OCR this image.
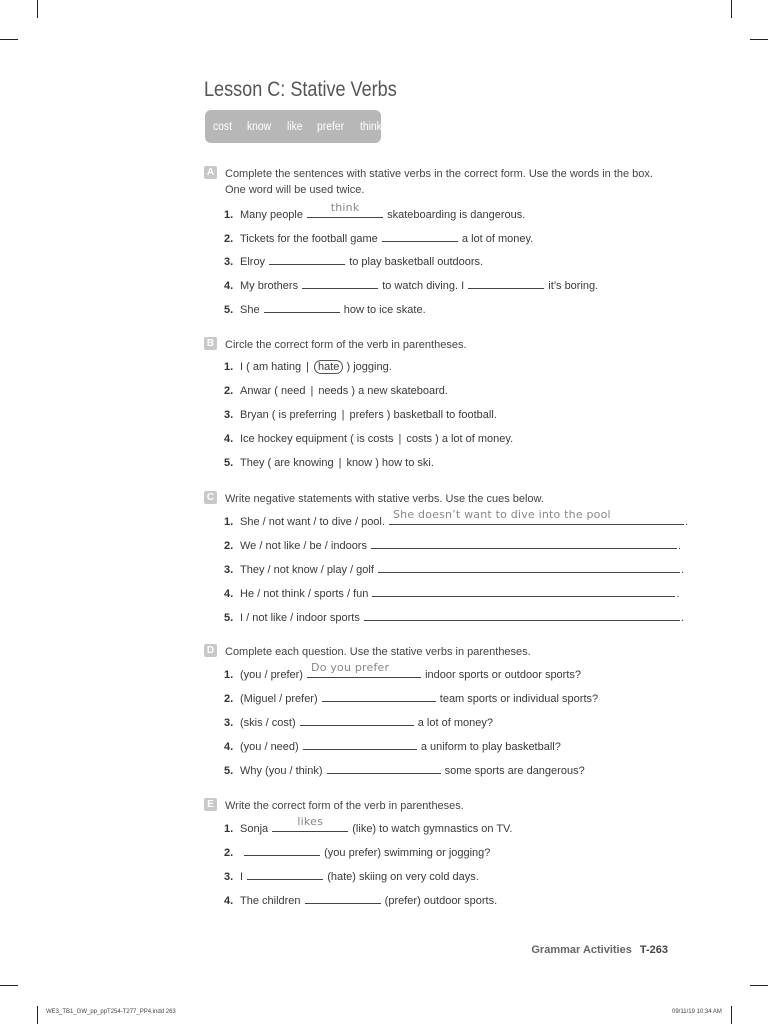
Lesson C: Stative Verbs
cost know like prefer think
A Complete the sentences with stative verbs in the correct form. Use the words in the box. One word will be used twice.
1. Many people
think
skateboarding is dangerous.
2. Tickets for the football game	a lot of money.
3. Elroy	to play basketball outdoors.
4. My brothers	to watch diving. I	it’s boring.
5. She	how to ice skate.
B Circle the correct form of the verb in parentheses.
1. I ( am hating | hate ) jogging.
2. Anwar ( need | needs ) a new skateboard.
3. Bryan ( is preferring | prefers ) basketball to football.
4. Ice hockey equipment ( is costs | costs ) a lot of money.
5. They ( are knowing | know ) how to ski.
C Write negative statements with stative verbs. Use the cues below.
1. She / not want / to dive / pool.
She doesn’t want to dive into the pool
.
2. We / not like / be / indoors	.
3. They / not know / play / golf	.
4. He / not think / sports / fun	.
5. I / not like / indoor sports	.
D Complete each question. Use the stative verbs in parentheses.
1. (you / prefer)
Do you prefer
indoor sports or outdoor sports?
2. (Miguel / prefer)	team sports or individual sports?
3. (skis / cost)	a lot of money?
4. (you / need)	a uniform to play basketball?
5. Why (you / think)	some sports are dangerous?
E Write the correct form of the verb in parentheses.
1. Sonja
likes
(like) to watch gymnastics on TV.
2.	(you prefer) swimming or jogging?
3. I	(hate) skiing on very cold days.
4. The children	(prefer) outdoor sports.
Grammar Activities T-263
WE3_TB1_GW_pp_ppT254-T277_PP4.indd 263	09/11/19 10:34 AM
